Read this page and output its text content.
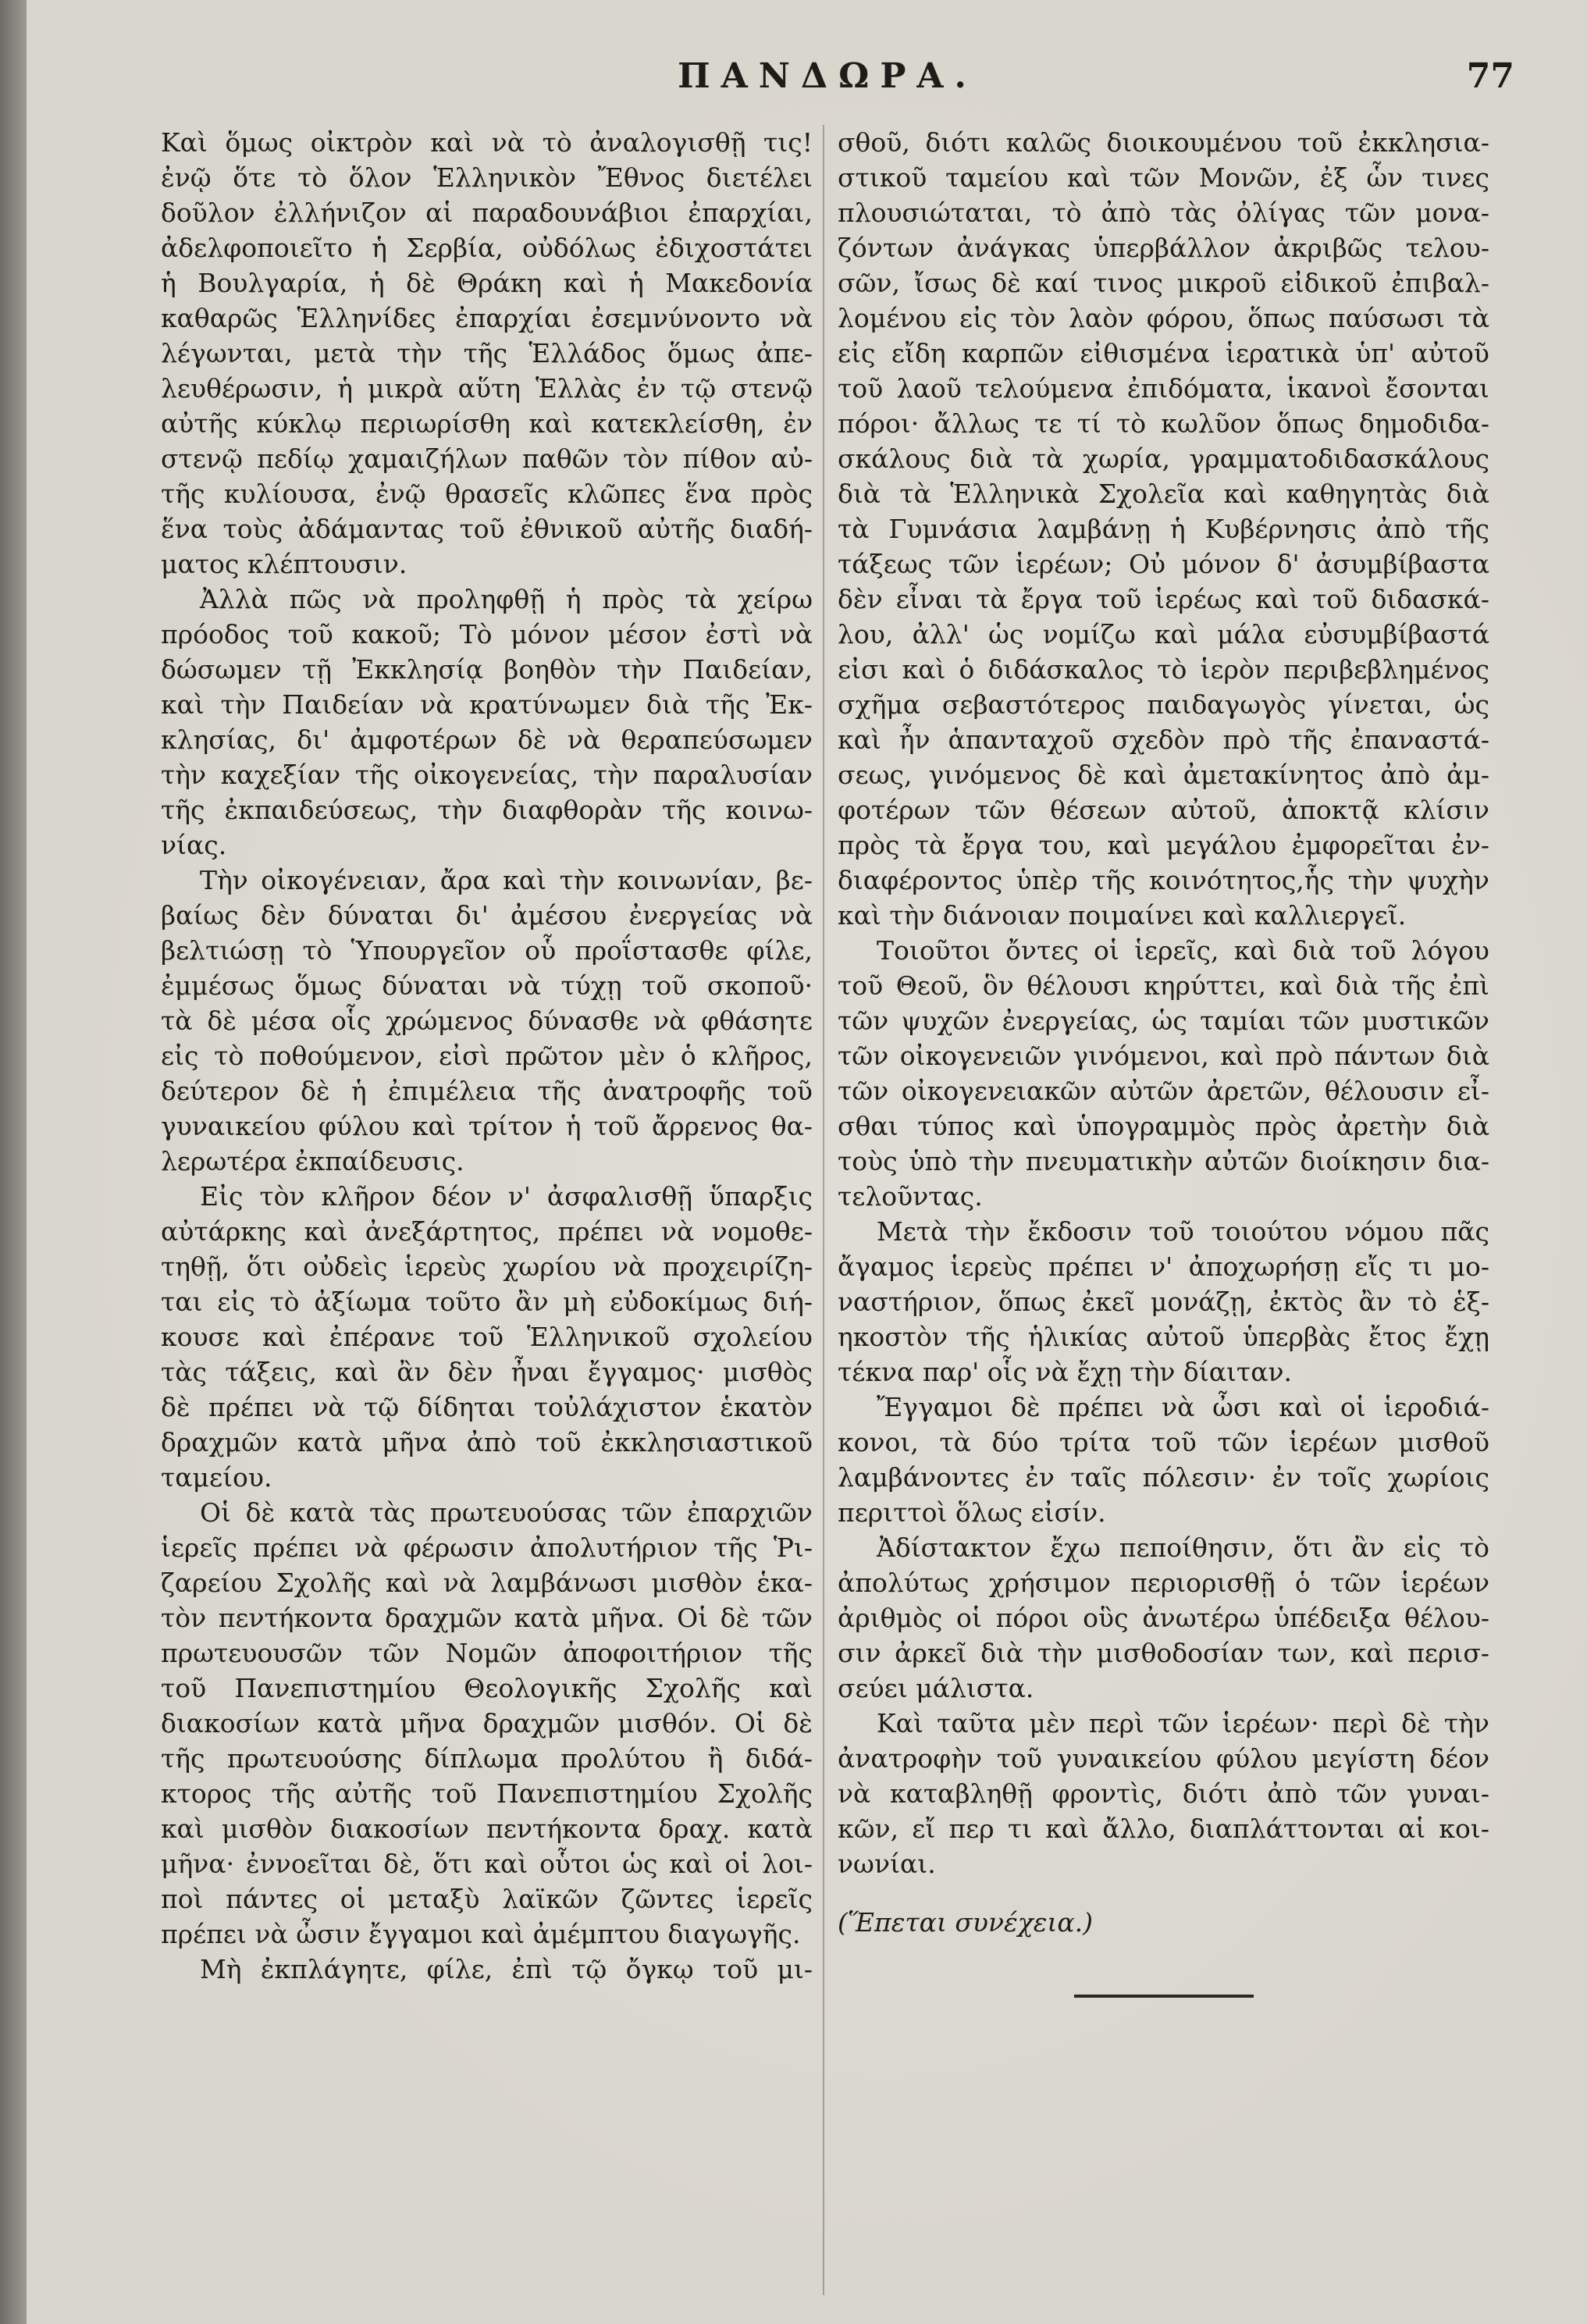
ΠΑΝΔΩΡΑ.	77
Καὶ ὅμως οἰκτρὸν καὶ νὰ τὸ ἀναλογισθῇ τις!
ἐνῷ ὅτε τὸ ὅλον Ἑλληνικὸν Ἔθνος διετέλει
δοῦλον ἐλλήνιζον αἱ παραδουνάβιοι ἐπαρχίαι,
ἀδελφοποιεῖτο ἡ Σερβία, οὐδόλως ἐδιχοστάτει
ἡ Βουλγαρία, ἡ δὲ Θράκη καὶ ἡ Μακεδονία
καθαρῶς Ἑλληνίδες ἐπαρχίαι ἐσεμνύνοντο νὰ
λέγωνται, μετὰ τὴν τῆς Ἑλλάδος ὅμως ἀπε-
λευθέρωσιν, ἡ μικρὰ αὕτη Ἑλλὰς ἐν τῷ στενῷ
αὐτῆς κύκλῳ περιωρίσθη καὶ κατεκλείσθη, ἐν
στενῷ πεδίῳ χαμαιζήλων παθῶν τὸν πίθον αὐ-
τῆς κυλίουσα, ἐνῷ θρασεῖς κλῶπες ἕνα πρὸς
ἕνα τοὺς ἀδάμαντας τοῦ ἐθνικοῦ αὐτῆς διαδή-
ματος κλέπτουσιν.
Ἀλλὰ πῶς νὰ προληφθῇ ἡ πρὸς τὰ χείρω
πρόοδος τοῦ κακοῦ; Τὸ μόνον μέσον ἐστὶ νὰ
δώσωμεν τῇ Ἐκκλησίᾳ βοηθὸν τὴν Παιδείαν,
καὶ τὴν Παιδείαν νὰ κρατύνωμεν διὰ τῆς Ἐκ-
κλησίας, δι' ἀμφοτέρων δὲ νὰ θεραπεύσωμεν
τὴν καχεξίαν τῆς οἰκογενείας, τὴν παραλυσίαν
τῆς ἐκπαιδεύσεως, τὴν διαφθορὰν τῆς κοινω-
νίας.
Τὴν οἰκογένειαν, ἄρα καὶ τὴν κοινωνίαν, βε-
βαίως δὲν δύναται δι' ἀμέσου ἐνεργείας νὰ
βελτιώσῃ τὸ Ὑπουργεῖον οὗ προΐστασθε φίλε,
ἐμμέσως ὅμως δύναται νὰ τύχῃ τοῦ σκοποῦ·
τὰ δὲ μέσα οἷς χρώμενος δύνασθε νὰ φθάσητε
εἰς τὸ ποθούμενον, εἰσὶ πρῶτον μὲν ὁ κλῆρος,
δεύτερον δὲ ἡ ἐπιμέλεια τῆς ἀνατροφῆς τοῦ
γυναικείου φύλου καὶ τρίτον ἡ τοῦ ἄρρενος θα-
λερωτέρα ἐκπαίδευσις.
Εἰς τὸν κλῆρον δέον ν' ἀσφαλισθῇ ὕπαρξις
αὐτάρκης καὶ ἀνεξάρτητος, πρέπει νὰ νομοθε-
τηθῇ, ὅτι οὐδεὶς ἱερεὺς χωρίου νὰ προχειρίζη-
ται εἰς τὸ ἀξίωμα τοῦτο ἂν μὴ εὐδοκίμως διή-
κουσε καὶ ἐπέρανε τοῦ Ἑλληνικοῦ σχολείου
τὰς τάξεις, καὶ ἂν δὲν ἦναι ἔγγαμος· μισθὸς
δὲ πρέπει νὰ τῷ δίδηται τοὐλάχιστον ἑκατὸν
δραχμῶν κατὰ μῆνα ἀπὸ τοῦ ἐκκλησιαστικοῦ
ταμείου.
Οἱ δὲ κατὰ τὰς πρωτευούσας τῶν ἐπαρχιῶν
ἱερεῖς πρέπει νὰ φέρωσιν ἀπολυτήριον τῆς Ῥι-
ζαρείου Σχολῆς καὶ νὰ λαμβάνωσι μισθὸν ἑκα-
τὸν πεντήκοντα δραχμῶν κατὰ μῆνα. Οἱ δὲ τῶν
πρωτευουσῶν τῶν Νομῶν ἀποφοιτήριον τῆς
τοῦ Πανεπιστημίου Θεολογικῆς Σχολῆς καὶ
διακοσίων κατὰ μῆνα δραχμῶν μισθόν. Οἱ δὲ
τῆς πρωτευούσης δίπλωμα προλύτου ἢ διδά-
κτορος τῆς αὐτῆς τοῦ Πανεπιστημίου Σχολῆς
καὶ μισθὸν διακοσίων πεντήκοντα δραχ. κατὰ
μῆνα· ἐννοεῖται δὲ, ὅτι καὶ οὗτοι ὡς καὶ οἱ λοι-
ποὶ πάντες οἱ μεταξὺ λαϊκῶν ζῶντες ἱερεῖς
πρέπει νὰ ὦσιν ἔγγαμοι καὶ ἀμέμπτου διαγωγῆς.
Μὴ ἐκπλάγητε, φίλε, ἐπὶ τῷ ὄγκῳ τοῦ μι-
σθοῦ, διότι καλῶς διοικουμένου τοῦ ἐκκλησια-
στικοῦ ταμείου καὶ τῶν Μονῶν, ἐξ ὧν τινες
πλουσιώταται, τὸ ἀπὸ τὰς ὀλίγας τῶν μονα-
ζόντων ἀνάγκας ὑπερβάλλον ἀκριβῶς τελου-
σῶν, ἴσως δὲ καί τινος μικροῦ εἰδικοῦ ἐπιβαλ-
λομένου εἰς τὸν λαὸν φόρου, ὅπως παύσωσι τὰ
εἰς εἴδη καρπῶν εἰθισμένα ἱερατικὰ ὑπ' αὐτοῦ
τοῦ λαοῦ τελούμενα ἐπιδόματα, ἱκανοὶ ἔσονται
πόροι· ἄλλως τε τί τὸ κωλῦον ὅπως δημοδιδα-
σκάλους διὰ τὰ χωρία, γραμματοδιδασκάλους
διὰ τὰ Ἑλληνικὰ Σχολεῖα καὶ καθηγητὰς διὰ
τὰ Γυμνάσια λαμβάνῃ ἡ Κυβέρνησις ἀπὸ τῆς
τάξεως τῶν ἱερέων; Οὐ μόνον δ' ἀσυμβίβαστα
δὲν εἶναι τὰ ἔργα τοῦ ἱερέως καὶ τοῦ διδασκά-
λου, ἀλλ' ὡς νομίζω καὶ μάλα εὐσυμβίβαστά
εἰσι καὶ ὁ διδάσκαλος τὸ ἱερὸν περιβεβλημένος
σχῆμα σεβαστότερος παιδαγωγὸς γίνεται, ὡς
καὶ ἦν ἁπανταχοῦ σχεδὸν πρὸ τῆς ἐπαναστά-
σεως, γινόμενος δὲ καὶ ἀμετακίνητος ἀπὸ ἀμ-
φοτέρων τῶν θέσεων αὐτοῦ, ἀποκτᾷ κλίσιν
πρὸς τὰ ἔργα του, καὶ μεγάλου ἐμφορεῖται ἐν-
διαφέροντος ὑπὲρ τῆς κοινότητος,ἧς τὴν ψυχὴν
καὶ τὴν διάνοιαν ποιμαίνει καὶ καλλιεργεῖ.
Τοιοῦτοι ὄντες οἱ ἱερεῖς, καὶ διὰ τοῦ λόγου
τοῦ Θεοῦ, ὃν θέλουσι κηρύττει, καὶ διὰ τῆς ἐπὶ
τῶν ψυχῶν ἐνεργείας, ὡς ταμίαι τῶν μυστικῶν
τῶν οἰκογενειῶν γινόμενοι, καὶ πρὸ πάντων διὰ
τῶν οἰκογενειακῶν αὐτῶν ἀρετῶν, θέλουσιν εἶ-
σθαι τύπος καὶ ὑπογραμμὸς πρὸς ἀρετὴν διὰ
τοὺς ὑπὸ τὴν πνευματικὴν αὐτῶν διοίκησιν δια-
τελοῦντας.
Μετὰ τὴν ἔκδοσιν τοῦ τοιούτου νόμου πᾶς
ἄγαμος ἱερεὺς πρέπει ν' ἀποχωρήσῃ εἴς τι μο-
ναστήριον, ὅπως ἐκεῖ μονάζῃ, ἐκτὸς ἂν τὸ ἑξ-
ηκοστὸν τῆς ἡλικίας αὐτοῦ ὑπερβὰς ἔτος ἔχῃ
τέκνα παρ' οἷς νὰ ἔχῃ τὴν δίαιταν.
Ἔγγαμοι δὲ πρέπει νὰ ὦσι καὶ οἱ ἱεροδιά-
κονοι, τὰ δύο τρίτα τοῦ τῶν ἱερέων μισθοῦ
λαμβάνοντες ἐν ταῖς πόλεσιν· ἐν τοῖς χωρίοις
περιττοὶ ὅλως εἰσίν.
Ἀδίστακτον ἔχω πεποίθησιν, ὅτι ἂν εἰς τὸ
ἀπολύτως χρήσιμον περιορισθῇ ὁ τῶν ἱερέων
ἀριθμὸς οἱ πόροι οὓς ἀνωτέρω ὑπέδειξα θέλου-
σιν ἀρκεῖ διὰ τὴν μισθοδοσίαν των, καὶ περισ-
σεύει μάλιστα.
Καὶ ταῦτα μὲν περὶ τῶν ἱερέων· περὶ δὲ τὴν
ἀνατροφὴν τοῦ γυναικείου φύλου μεγίστη δέον
νὰ καταβληθῇ φροντὶς, διότι ἀπὸ τῶν γυναι-
κῶν, εἴ περ τι καὶ ἄλλο, διαπλάττονται αἱ κοι-
νωνίαι.
(Ἕπεται συνέχεια.)
